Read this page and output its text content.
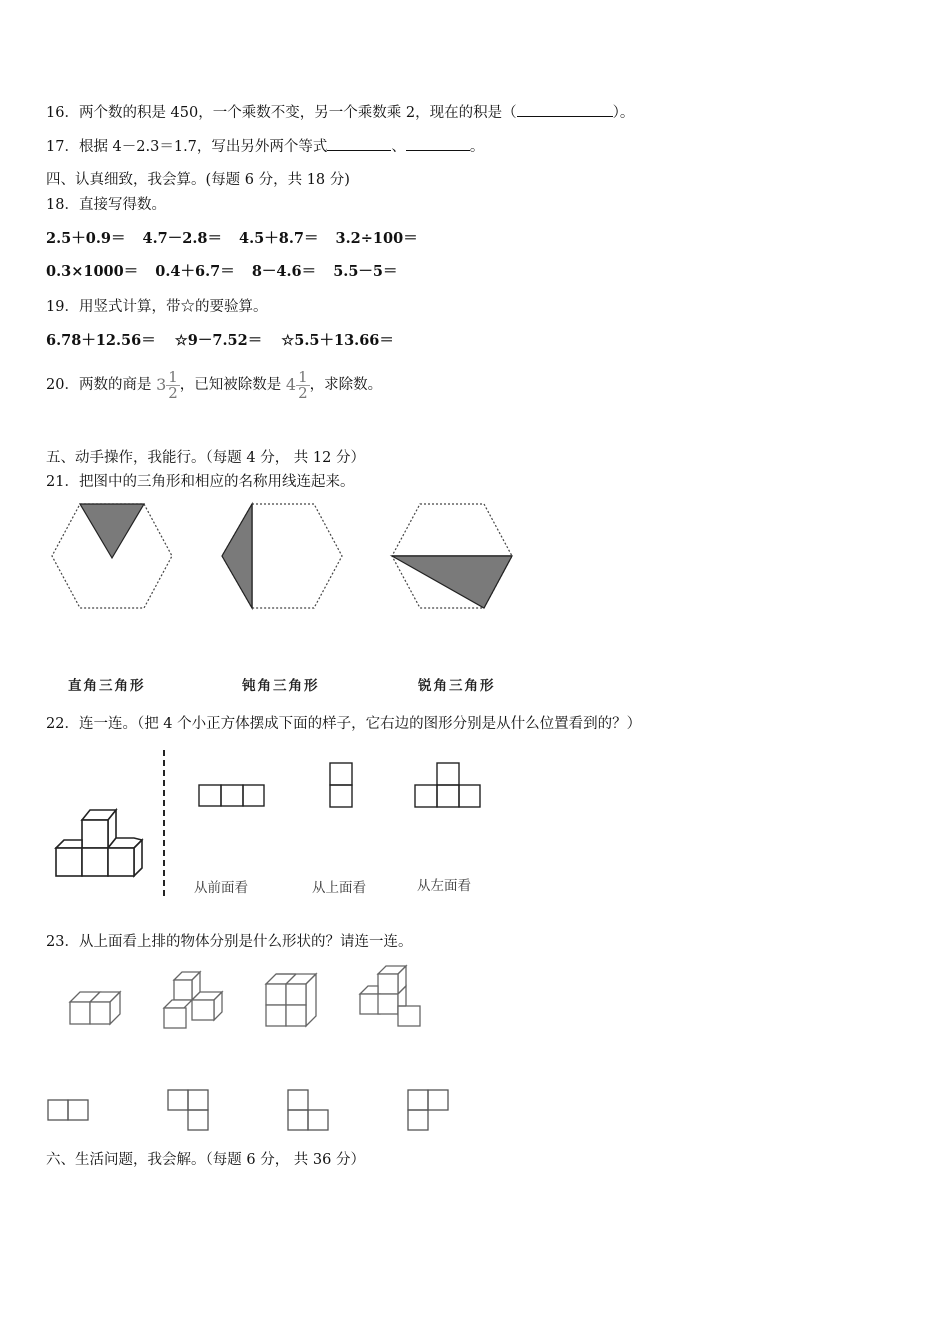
16．两个数的积是 450，一个乘数不变，另一个乘数乘 2，现在的积是（	）。
17．根据 4－2.3＝1.7，写出另外两个等式	、	。
四、认真细致，我会算。(每题 6 分，共 18 分)
18．直接写得数。
2.5＋0.9＝ 4.7－2.8＝ 4.5＋8.7＝ 3.2÷100＝
0.3×1000＝ 0.4＋6.7＝ 8－4.6＝ 5.5－5＝
19．用竖式计算，带☆的要验算。
6.78＋12.56＝ ☆9－7.52＝ ☆5.5＋13.66＝
20．两数的商是 $3 \frac{1}{2}$ ，已知被除数是 $4 \frac{1}{2}$ ，求除数。
五、动手操作，我能行。（每题 4 分， 共 12 分）
21．把图中的三角形和相应的名称用线连起来。
直角三角形	钝角三角形	锐角三角形
22．连一连。（把 4 个小正方体摆成下面的样子，它右边的图形分别是从什么位置看到的？）
从前面看	从上面看	从左面看
23．从上面看上排的物体分别是什么形状的？请连一连。
六、生活问题，我会解。（每题 6 分， 共 36 分）
